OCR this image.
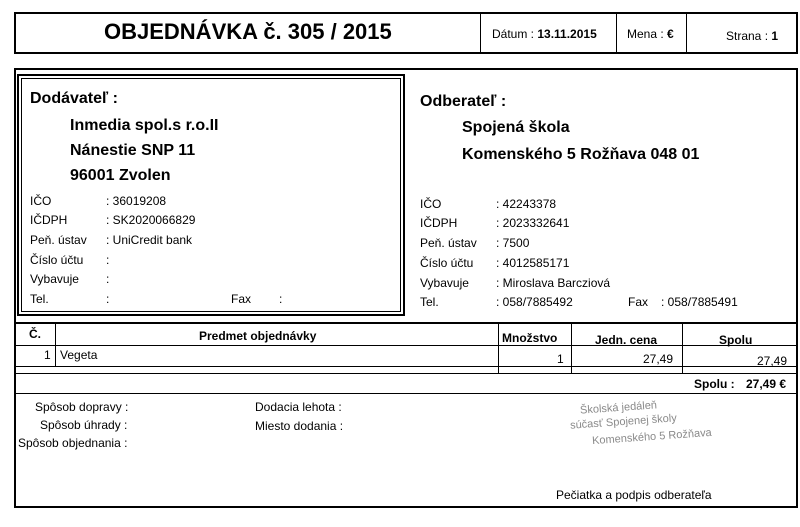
OBJEDNÁVKA č. 305 / 2015	Dátum : 13.11.2015	Mena : €	Strana : 1
Dodávateľ :
Inmedia spol.s r.o.II
Nánestie SNP 11
96001 Zvolen
IČO	: 36019208
IČDPH	: SK2020066829
Peň. ústav : UniCredit bank
Číslo účtu :
Vybavuje :
Tel.	:	Fax :
Odberateľ :
Spojená škola
Komenského 5 Rožňava 048 01
IČO	: 42243378
IČDPH	: 2023332641
Peň. ústav : 7500
Číslo účtu : 4012585171
Vybavuje : Miroslava Barcziová
Tel.	: 058/7885492	Fax : 058/7885491
Č.	Predmet objednávky	Množstvo	Jedn. cena	Spolu
1 Vegeta	1	27,49	27,49
Spolu : 27,49 €
Spôsob dopravy :
Spôsob úhrady :
Spôsob objednania :
Dodacia lehota :
Miesto dodania :
Školská jedáleň
súčasť Spojenej školy
Komenského 5 Rožňava
Pečiatka a podpis odberateľa
